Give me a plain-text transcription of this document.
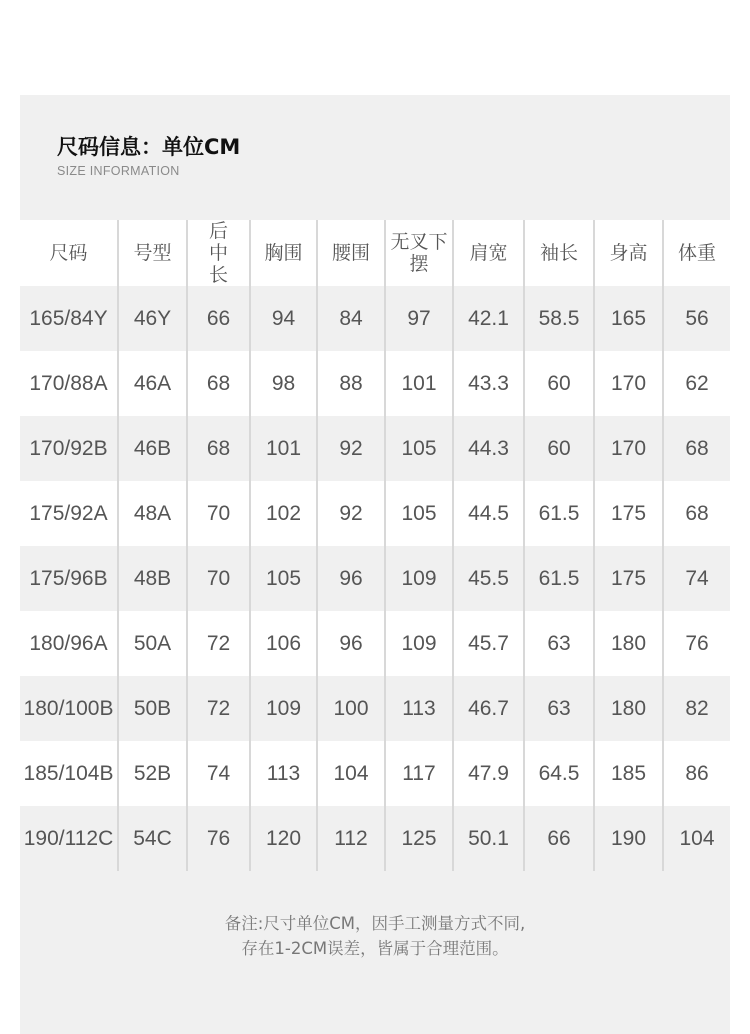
尺码信息：单位CM
SIZE INFORMATION
尺码	号型	后中长	胸围	腰围	无叉下摆	肩宽	袖长	身高	体重
165/84Y	46Y	66	94	84	97	42.1	58.5	165	56
170/88A	46A	68	98	88	101	43.3	60	170	62
170/92B	46B	68	101	92	105	44.3	60	170	68
175/92A	48A	70	102	92	105	44.5	61.5	175	68
175/96B	48B	70	105	96	109	45.5	61.5	175	74
180/96A	50A	72	106	96	109	45.7	63	180	76
180/100B	50B	72	109	100	113	46.7	63	180	82
185/104B	52B	74	113	104	117	47.9	64.5	185	86
190/112C	54C	76	120	112	125	50.1	66	190	104
备注:尺寸单位CM，因手工测量方式不同,
存在1-2CM误差，皆属于合理范围。
